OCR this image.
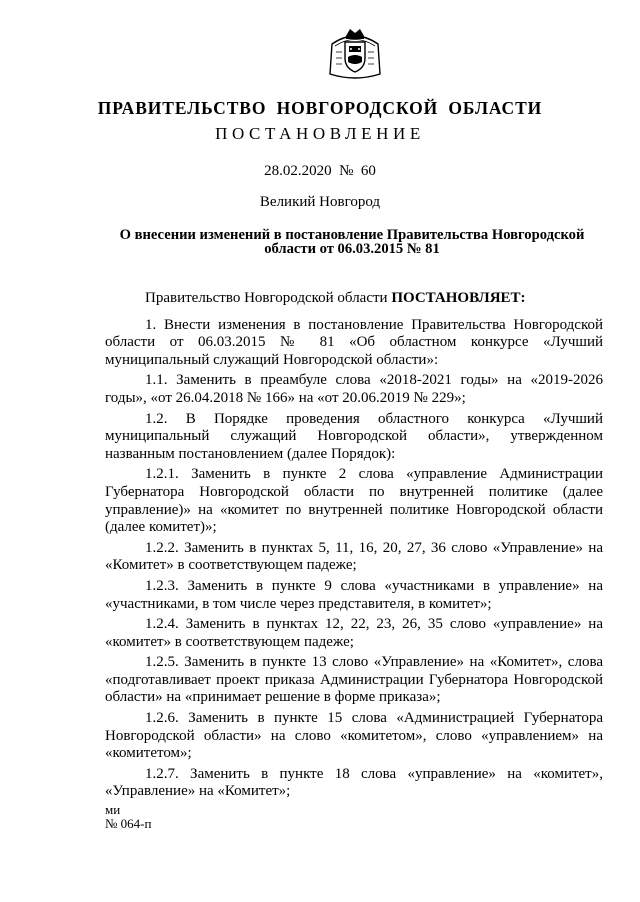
ПРАВИТЕЛЬСТВО НОВГОРОДСКОЙ ОБЛАСТИ
ПОСТАНОВЛЕНИЕ
28.02.2020 № 60
Великий Новгород
О внесении изменений в постановление Правительства Новгородской
области от 06.03.2015 № 81

Правительство Новгородской области ПОСТАНОВЛЯЕТ:

1. Внести изменения в постановление Правительства Новгородской области от 06.03.2015 № 81 «Об областном конкурсе «Лучший муниципальный служащий Новгородской области»:

1.1. Заменить в преамбуле слова «2018-2021 годы» на «2019-2026 годы», «от 26.04.2018 № 166» на «от 20.06.2019 № 229»;

1.2. В Порядке проведения областного конкурса «Лучший муниципальный служащий Новгородской области», утвержденном названным постановлением (далее Порядок):

1.2.1. Заменить в пункте 2 слова «управление Администрации Губернатора Новгородской области по внутренней политике (далее управление)» на «комитет по внутренней политике Новгородской области (далее комитет)»;

1.2.2. Заменить в пунктах 5, 11, 16, 20, 27, 36 слово «Управление» на «Комитет» в соответствующем падеже;

1.2.3. Заменить в пункте 9 слова «участниками в управление» на «участниками, в том числе через представителя, в комитет»;

1.2.4. Заменить в пунктах 12, 22, 23, 26, 35 слово «управление» на «комитет» в соответствующем падеже;

1.2.5. Заменить в пункте 13 слово «Управление» на «Комитет», слова «подготавливает проект приказа Администрации Губернатора Новгородской области» на «принимает решение в форме приказа»;

1.2.6. Заменить в пункте 15 слова «Администрацией Губернатора Новгородской области» на слово «комитетом», слово «управлением» на «комитетом»;

1.2.7. Заменить в пункте 18 слова «управление» на «комитет», «Управление» на «Комитет»;

ми
№ 064-п
